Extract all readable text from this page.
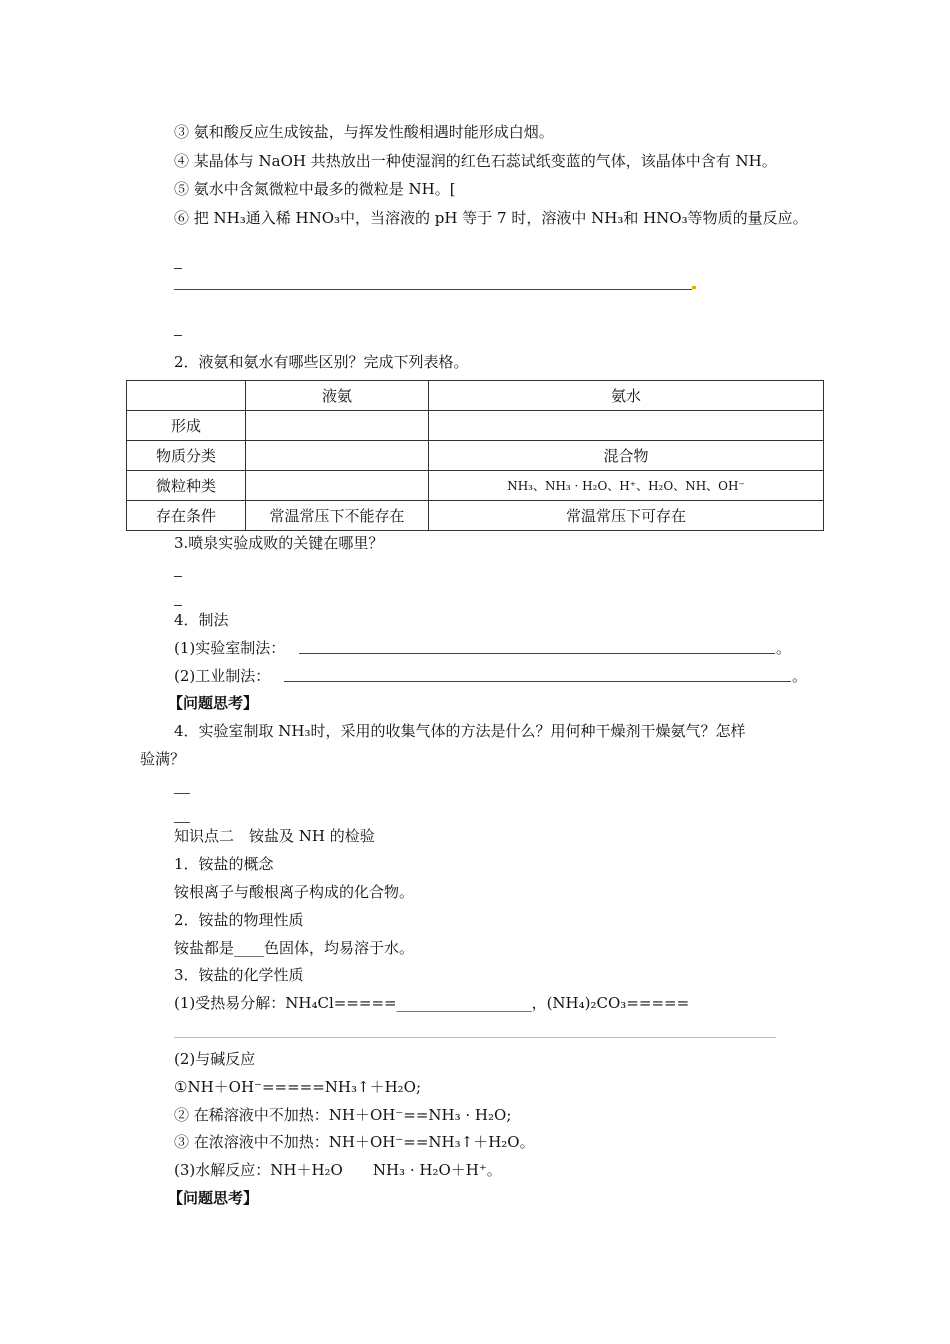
③ 氨和酸反应生成铵盐，与挥发性酸相遇时能形成白烟。
④ 某晶体与 NaOH 共热放出一种使湿润的红色石蕊试纸变蓝的气体，该晶体中含有 NH。
⑤ 氨水中含氮微粒中最多的微粒是 NH。[
⑥ 把 NH₃通入稀 HNO₃中，当溶液的 pH 等于 7 时，溶液中 NH₃和 HNO₃等物质的量反应。
2．液氨和氨水有哪些区别？完成下列表格。
	液氨	氨水
形成		
物质分类		混合物
微粒种类		NH₃、NH₃ · H₂O、H⁺、H₂O、NH、OH⁻
存在条件	常温常压下不能存在	常温常压下可存在
3.喷泉实验成败的关键在哪里？
4．制法
(1)实验室制法：	。
(2)工业制法：	。
【问题思考】
4．实验室制取 NH₃时，采用的收集气体的方法是什么？用何种干燥剂干燥氨气？怎样
验满？
知识点二　铵盐及 NH 的检验
1．铵盐的概念
铵根离子与酸根离子构成的化合物。
2．铵盐的物理性质
铵盐都是____色固体，均易溶于水。
3．铵盐的化学性质
(1)受热易分解：NH₄Cl=====__________________，(NH₄)₂CO₃=====
(2)与碱反应
①NH＋OH⁻=====NH₃↑＋H₂O;
② 在稀溶液中不加热：NH＋OH⁻==NH₃ · H₂O;
③ 在浓溶液中不加热：NH＋OH⁻==NH₃↑＋H₂O。
(3)水解反应：NH＋H₂O　　NH₃ · H₂O＋H⁺。
【问题思考】
